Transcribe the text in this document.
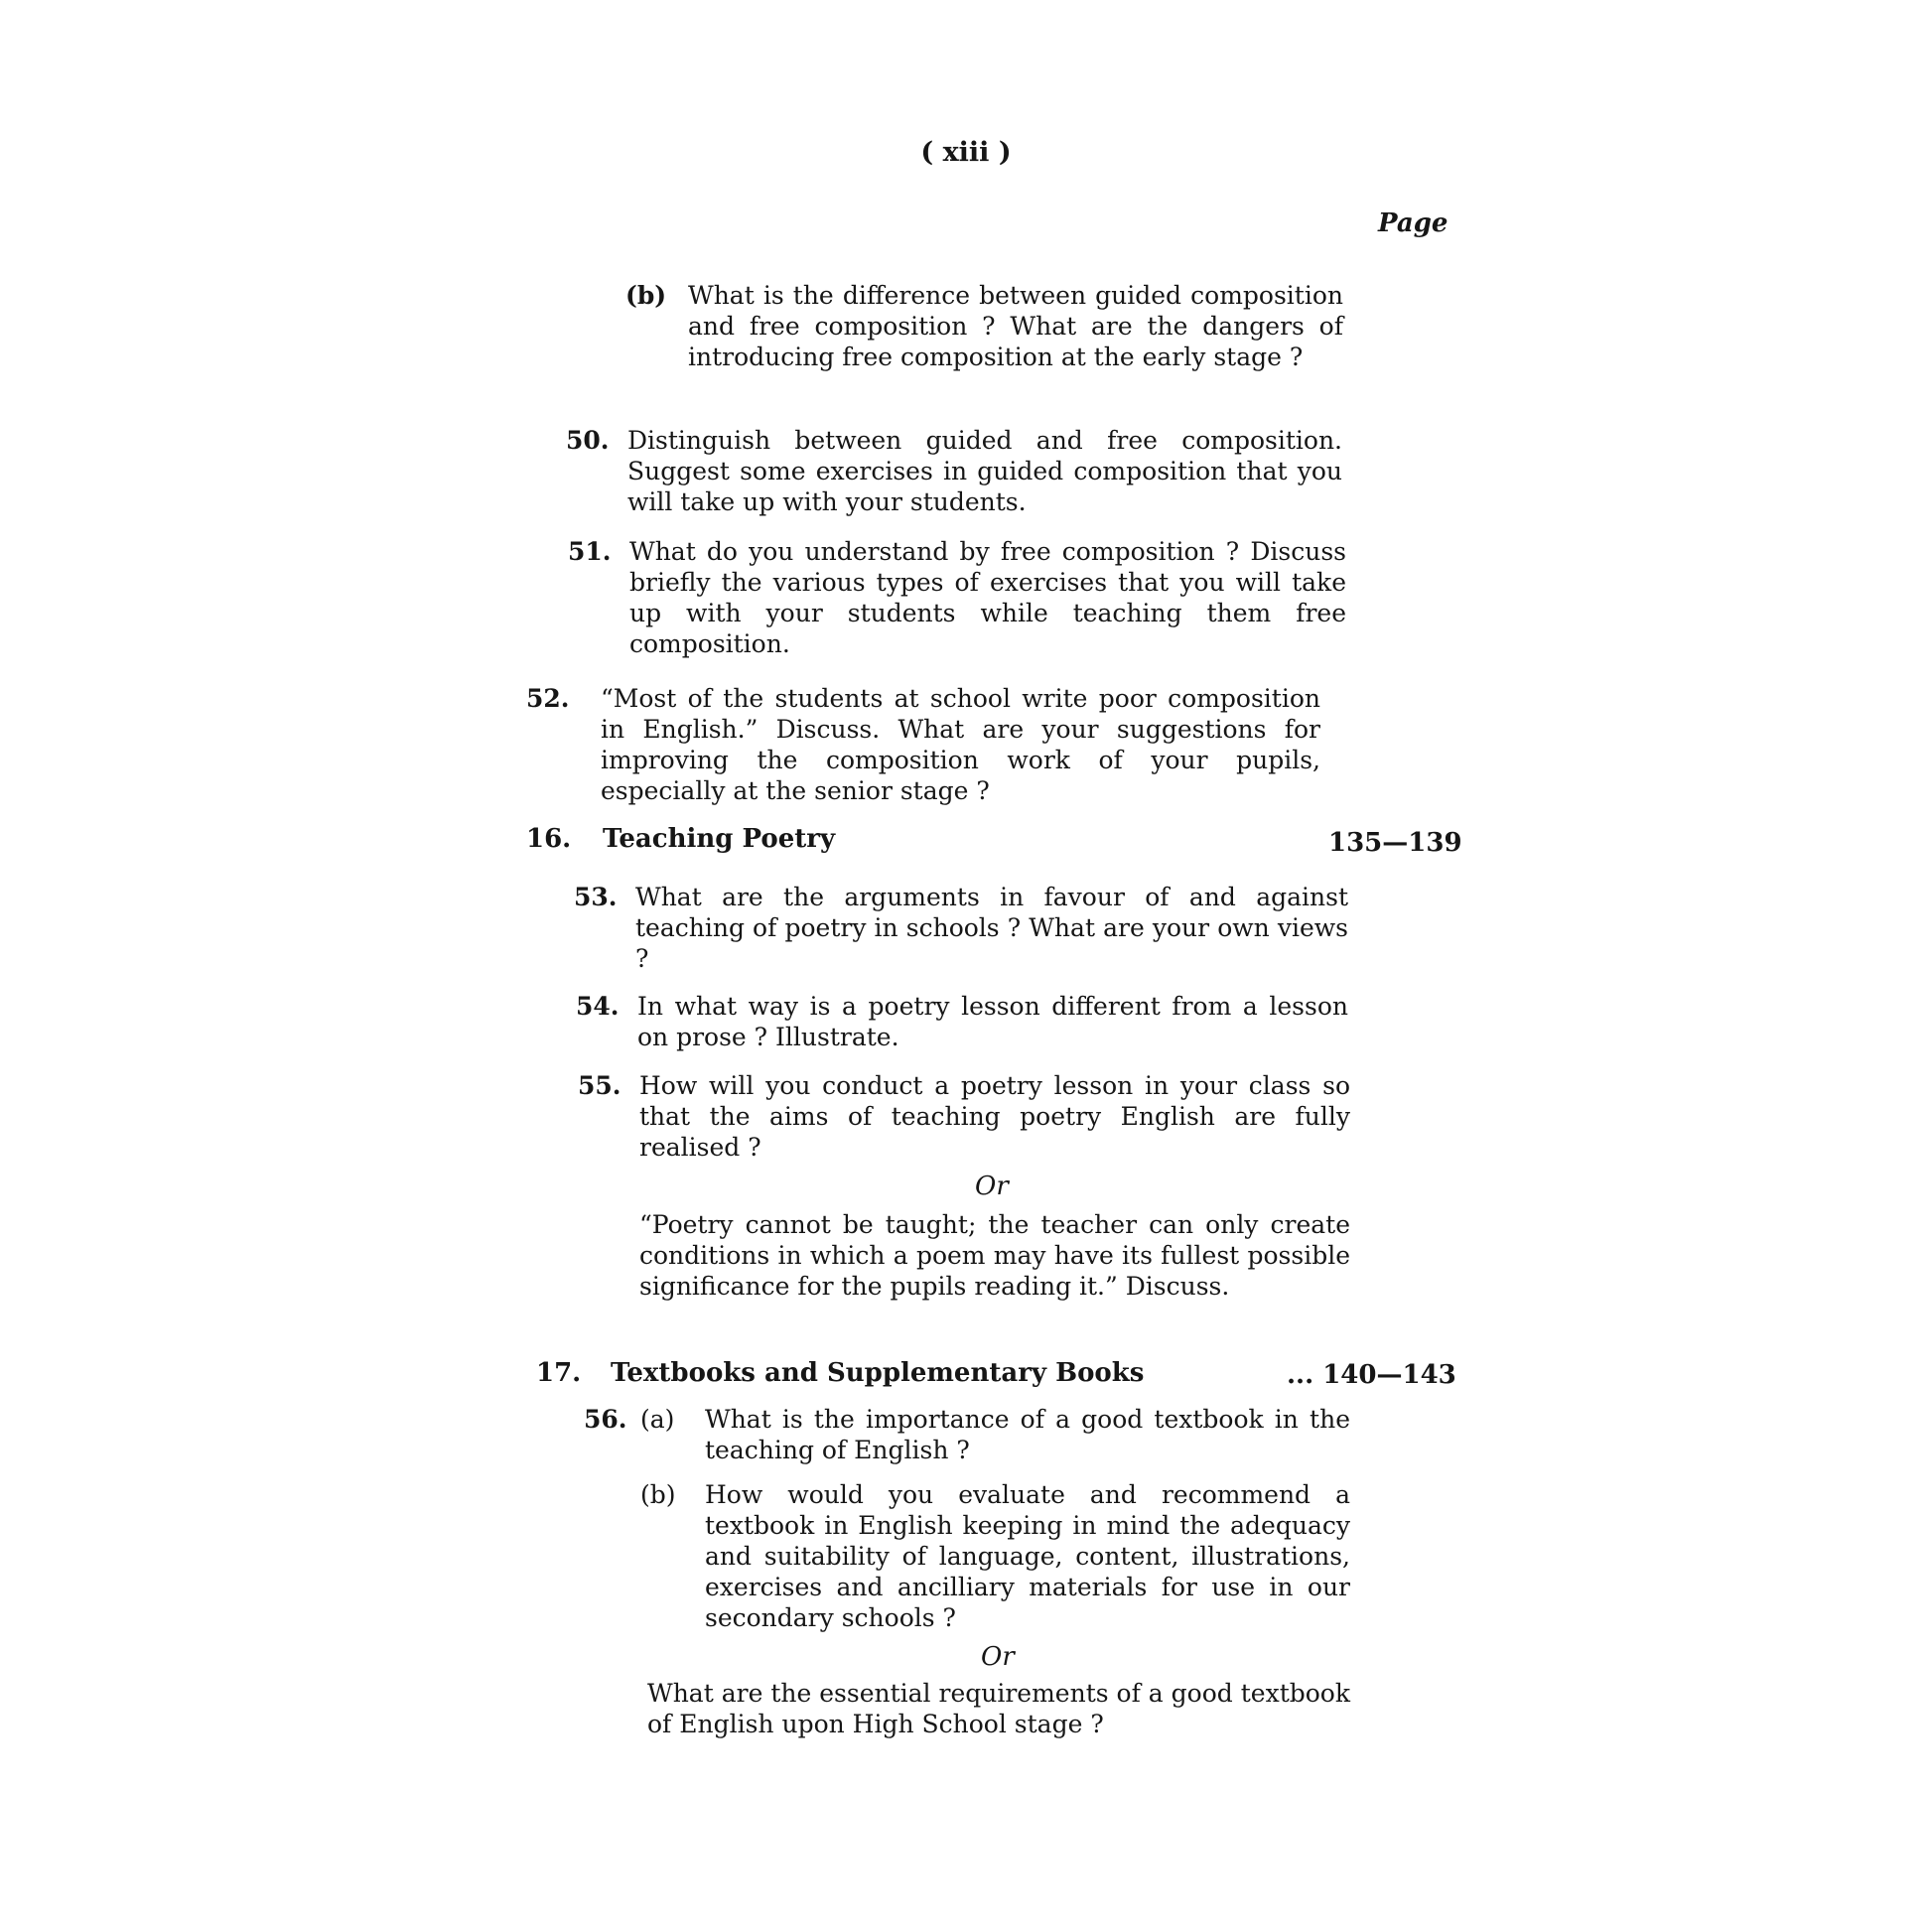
( xiii )
Page
(b) What is the difference between guided composition and free composition ? What are the dangers of introducing free composition at the early stage ?
50. Distinguish between guided and free composition. Suggest some exercises in guided composition that you will take up with your students.
51. What do you understand by free composition ? Discuss briefly the various types of exercises that you will take up with your students while teaching them free composition.
52. “Most of the students at school write poor composition in English.” Discuss. What are your suggestions for improving the composition work of your pupils, especially at the senior stage ?
16. Teaching Poetry	135—139
53. What are the arguments in favour of and against teaching of poetry in schools ? What are your own views ?
54. In what way is a poetry lesson different from a lesson on prose ? Illustrate.
55. How will you conduct a poetry lesson in your class so that the aims of teaching poetry English are fully realised ?
Or
“Poetry cannot be taught; the teacher can only create conditions in which a poem may have its fullest possible significance for the pupils reading it.” Discuss.
17. Textbooks and Supplementary Books	... 140—143
56. (a) What is the importance of a good textbook in the teaching of English ?
(b) How would you evaluate and recommend a textbook in English keeping in mind the adequacy and suitability of language, content, illustrations, exercises and ancilliary materials for use in our secondary schools ?
Or
What are the essential requirements of a good textbook of English upon High School stage ?
